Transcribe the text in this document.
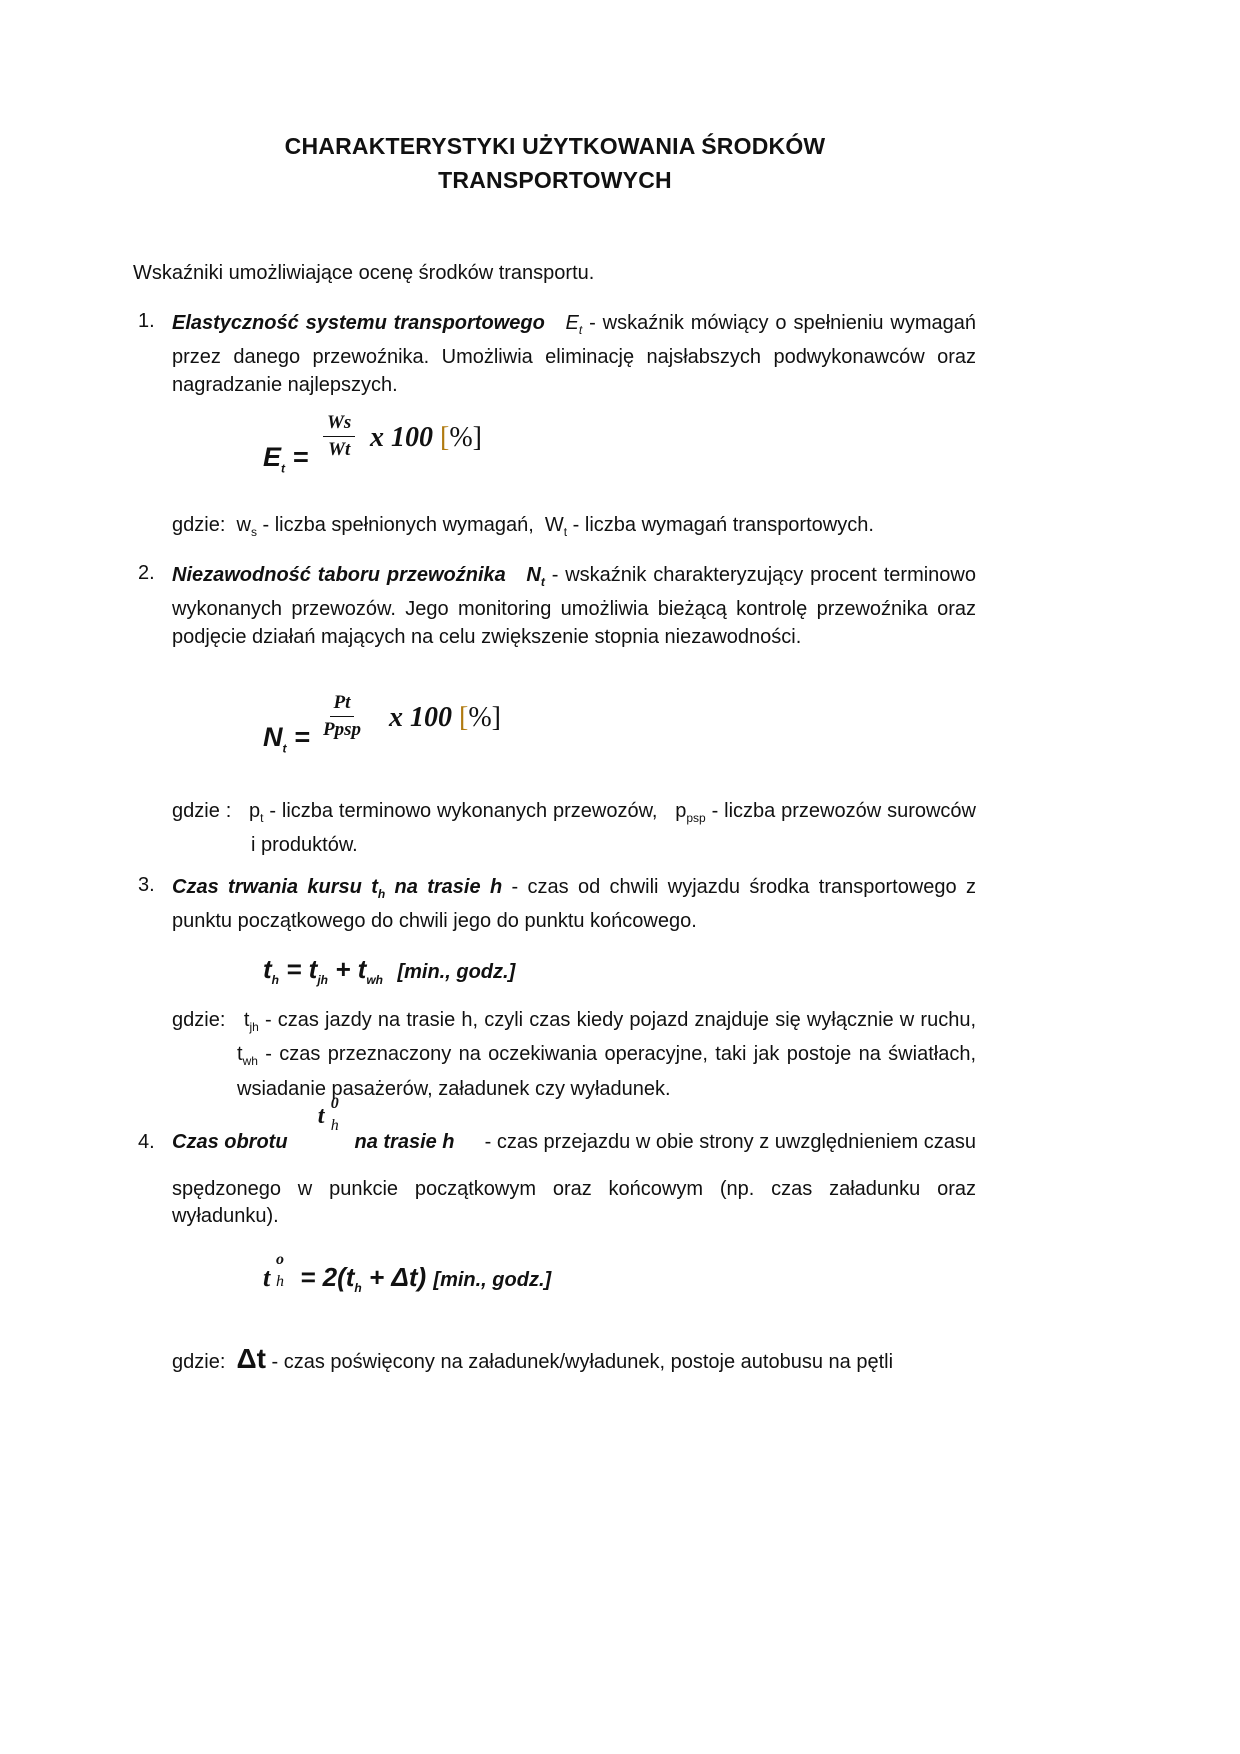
CHARAKTERYSTYKI UŻYTKOWANIA ŚRODKÓW
TRANSPORTOWYCH
Wskaźniki umożliwiające ocenę środków transportu.
1. Elastyczność systemu transportowego $E_t$ - wskaźnik mówiący o spełnieniu wymagań przez danego przewoźnika. Umożliwia eliminację najsłabszych podwykonawców oraz nagradzanie najlepszych.
$E_t = \frac{Ws}{Wt}$ x 100 [%]
gdzie: $w_s$ - liczba spełnionych wymagań, $W_t$ - liczba wymagań transportowych.
2. Niezawodność taboru przewoźnika $N_t$ - wskaźnik charakteryzujący procent terminowo wykonanych przewozów. Jego monitoring umożliwia bieżącą kontrolę przewoźnika oraz podjęcie działań mających na celu zwiększenie stopnia niezawodności.
$N_t$ =
Pt
Ppsp x 100 [%]
gdzie : $p_t$ - liczba terminowo wykonanych przewozów, $p_{psp}$ - liczba przewozów surowców i produktów.
3. Czas trwania kursu $t_h$ na trasie h - czas od chwili wyjazdu środka transportowego z punktu początkowego do chwili jego do punktu końcowego.
$t_h = t_{jh} + t_{wh}$ [min., godz.]
gdzie: $t_{jh}$ - czas jazdy na trasie h, czyli czas kiedy pojazd znajduje się wyłącznie w ruchu, $t_{wh}$ - czas przeznaczony na oczekiwania operacyjne, taki jak postoje na światłach, wsiadanie pasażerów, załadunek czy wyładunek.
4. Czas obrotu
t 0
h
na trasie h - czas przejazdu w obie strony z uwzględnieniem czasu
spędzonego w punkcie początkowym oraz końcowym (np. czas załadunku oraz wyładunku).
t
o
$h = 2(t_h + \Delta t)$ [min., godz.]
gdzie: Δt - czas poświęcony na załadunek/wyładunek, postoje autobusu na pętli
